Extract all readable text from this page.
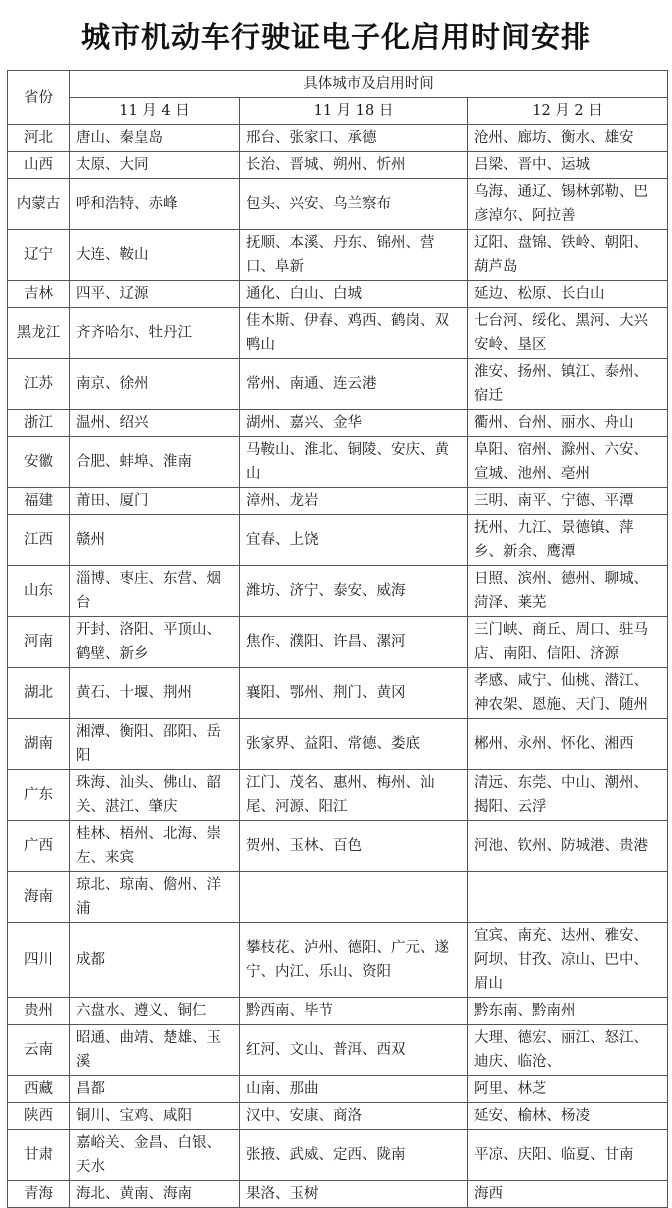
城市机动车行驶证电子化启用时间安排
省份	具体城市及启用时间		
	11 月 4 日	11 月 18 日	12 月 2 日
河北	唐山、秦皇岛	邢台、张家口、承德	沧州、廊坊、衡水、雄安
山西	太原、大同	长治、晋城、朔州、忻州	吕梁、晋中、运城
内蒙古	呼和浩特、赤峰	包头、兴安、乌兰察布	乌海、通辽、锡林郭勒、巴彦淖尔、阿拉善
辽宁	大连、鞍山	抚顺、本溪、丹东、锦州、营口、阜新	辽阳、盘锦、铁岭、朝阳、葫芦岛
吉林	四平、辽源	通化、白山、白城	延边、松原、长白山
黑龙江	齐齐哈尔、牡丹江	佳木斯、伊春、鸡西、鹤岗、双鸭山	七台河、绥化、黑河、大兴安岭、垦区
江苏	南京、徐州	常州、南通、连云港	淮安、扬州、镇江、泰州、宿迁
浙江	温州、绍兴	湖州、嘉兴、金华	衢州、台州、丽水、舟山
安徽	合肥、蚌埠、淮南	马鞍山、淮北、铜陵、安庆、黄山	阜阳、宿州、滁州、六安、宣城、池州、亳州
福建	莆田、厦门	漳州、龙岩	三明、南平、宁德、平潭
江西	赣州	宜春、上饶	抚州、九江、景德镇、萍乡、新余、鹰潭
山东	淄博、枣庄、东营、烟台	潍坊、济宁、泰安、威海	日照、滨州、德州、聊城、菏泽、莱芜
河南	开封、洛阳、平顶山、鹤壁、新乡	焦作、濮阳、许昌、漯河	三门峡、商丘、周口、驻马店、南阳、信阳、济源
湖北	黄石、十堰、荆州	襄阳、鄂州、荆门、黄冈	孝感、咸宁、仙桃、潜江、神农架、恩施、天门、随州
湖南	湘潭、衡阳、邵阳、岳阳	张家界、益阳、常德、娄底	郴州、永州、怀化、湘西
广东	珠海、汕头、佛山、韶关、湛江、肇庆	江门、茂名、惠州、梅州、汕尾、河源、阳江	清远、东莞、中山、潮州、揭阳、云浮
广西	桂林、梧州、北海、崇左、来宾	贺州、玉林、百色	河池、钦州、防城港、贵港
海南	琼北、琼南、儋州、洋浦		
四川	成都	攀枝花、泸州、德阳、广元、遂宁、内江、乐山、资阳	宜宾、南充、达州、雅安、阿坝、甘孜、凉山、巴中、眉山
贵州	六盘水、遵义、铜仁	黔西南、毕节	黔东南、黔南州
云南	昭通、曲靖、楚雄、玉溪	红河、文山、普洱、西双	大理、德宏、丽江、怒江、迪庆、临沧、
西藏	昌都	山南、那曲	阿里、林芝
陕西	铜川、宝鸡、咸阳	汉中、安康、商洛	延安、榆林、杨凌
甘肃	嘉峪关、金昌、白银、天水	张掖、武威、定西、陇南	平凉、庆阳、临夏、甘南
青海	海北、黄南、海南	果洛、玉树	海西
